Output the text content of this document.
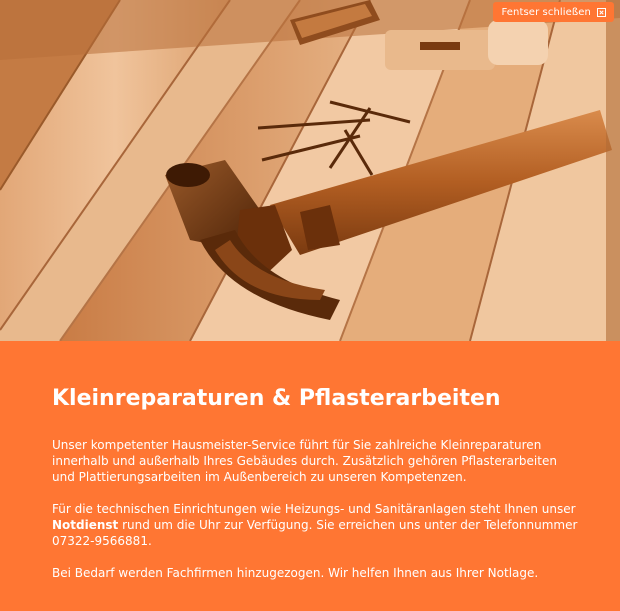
Fentser schließen
Kleinreparaturen & Pflasterarbeiten

Unser kompetenter Hausmeister-Service führt für Sie zahlreiche Kleinreparaturen innerhalb und außerhalb Ihres Gebäudes durch. Zusätzlich gehören Pflasterarbeiten und Plattierungsarbeiten im Außenbereich zu unseren Kompetenzen.

Für die technischen Einrichtungen wie Heizungs- und Sanitäranlagen steht Ihnen unser Notdienst rund um die Uhr zur Verfügung. Sie erreichen uns unter der Telefonnummer 07322-9566881.

Bei Bedarf werden Fachfirmen hinzugezogen. Wir helfen Ihnen aus Ihrer Notlage.
